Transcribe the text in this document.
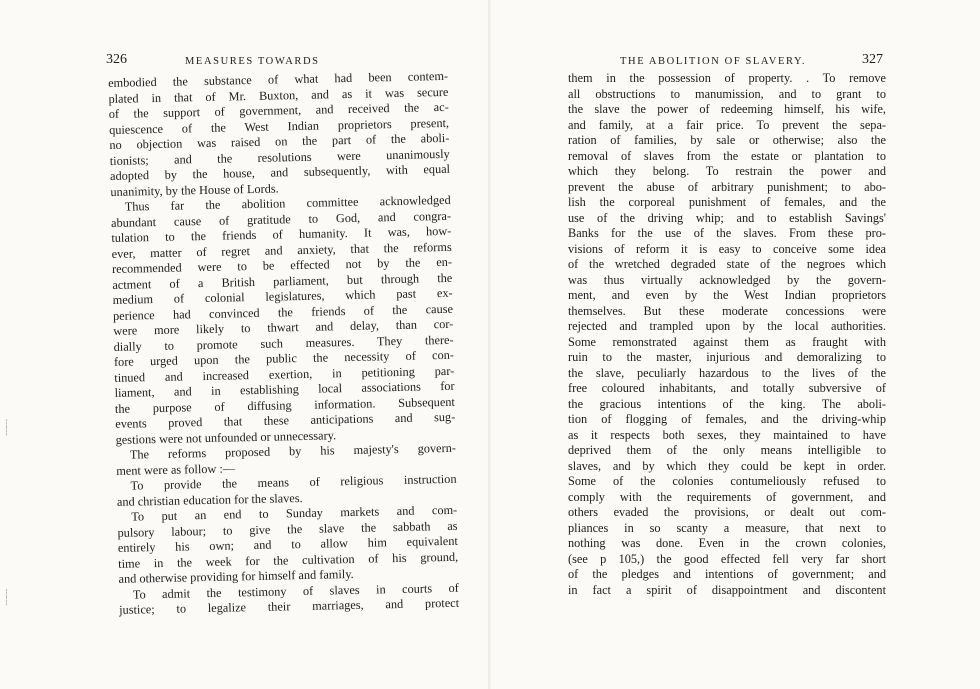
┆
┆
┆
┆
326	MEASURES TOWARDS
embodied the substance of what had been contem-
plated in that of Mr. Buxton, and as it was secure
of the support of government, and received the ac-
quiescence of the West Indian proprietors present,
no objection was raised on the part of the aboli-
tionists; and the resolutions were unanimously
adopted by the house, and subsequently, with equal
unanimity, by the House of Lords.
Thus far the abolition committee acknowledged
abundant cause of gratitude to God, and congra-
tulation to the friends of humanity. It was, how-
ever, matter of regret and anxiety, that the reforms
recommended were to be effected not by the en-
actment of a British parliament, but through the
medium of colonial legislatures, which past ex-
perience had convinced the friends of the cause
were more likely to thwart and delay, than cor-
dially to promote such measures. They there-
fore urged upon the public the necessity of con-
tinued and increased exertion, in petitioning par-
liament, and in establishing local associations for
the purpose of diffusing information. Subsequent
events proved that these anticipations and sug-
gestions were not unfounded or unnecessary.
The reforms proposed by his majesty's govern-
ment were as follow :—
To provide the means of religious instruction
and christian education for the slaves.
To put an end to Sunday markets and com-
pulsory labour; to give the slave the sabbath as
entirely his own; and to allow him equivalent
time in the week for the cultivation of his ground,
and otherwise providing for himself and family.
To admit the testimony of slaves in courts of
justice; to legalize their marriages, and protect
THE ABOLITION OF SLAVERY.	327
them in the possession of property. . To remove
all obstructions to manumission, and to grant to
the slave the power of redeeming himself, his wife,
and family, at a fair price. To prevent the sepa-
ration of families, by sale or otherwise; also the
removal of slaves from the estate or plantation to
which they belong. To restrain the power and
prevent the abuse of arbitrary punishment; to abo-
lish the corporeal punishment of females, and the
use of the driving whip; and to establish Savings'
Banks for the use of the slaves. From these pro-
visions of reform it is easy to conceive some idea
of the wretched degraded state of the negroes which
was thus virtually acknowledged by the govern-
ment, and even by the West Indian proprietors
themselves. But these moderate concessions were
rejected and trampled upon by the local authorities.
Some remonstrated against them as fraught with
ruin to the master, injurious and demoralizing to
the slave, peculiarly hazardous to the lives of the
free coloured inhabitants, and totally subversive of
the gracious intentions of the king. The aboli-
tion of flogging of females, and the driving-whip
as it respects both sexes, they maintained to have
deprived them of the only means intelligible to
slaves, and by which they could be kept in order.
Some of the colonies contumeliously refused to
comply with the requirements of government, and
others evaded the provisions, or dealt out com-
pliances in so scanty a measure, that next to
nothing was done. Even in the crown colonies,
(see p 105,) the good effected fell very far short
of the pledges and intentions of government; and
in fact a spirit of disappointment and discontent
